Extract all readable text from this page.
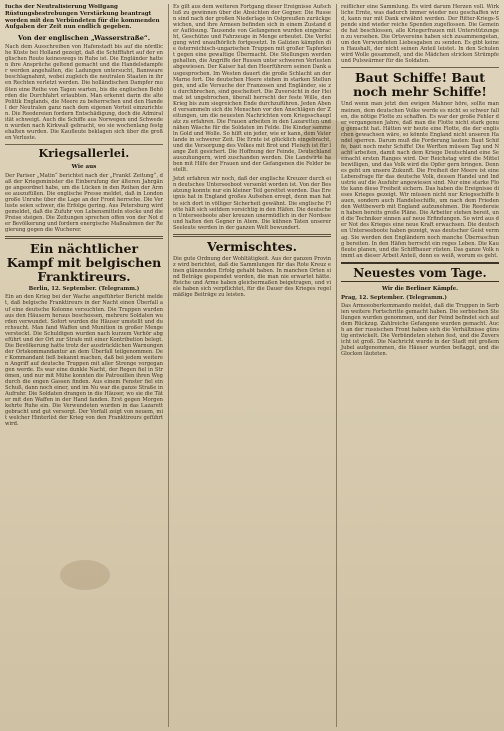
fuchs der Neutralisierung Wolfgang Rüstungsbestrebungen Verstärkung beantragt worden mit den Verbündeten für die kommenden Aufgaben der Zeit nun endlich gegeben.

Von der englischen „Wasserstraße“.

Nach dem Ausschreiben von Hafenstadt bis auf die nördliche Küste bei Holland gezeigt, daß die Schifffahrt auf der englischen Route keineswegs in Ruhe ist. Die Engländer hatten ihre Ansprüche geltend gemacht und die Handelsdampfer werden angehalten, die Ladungen untersucht, Bannware beschlagnahmt, wobei zugleich die neutralen Staaten in ihren Rechten verletzt werden. Die holländischen Dampfer mußten eine Reihe von Tagen warten, bis die englischen Behörden die Durchfahrt erlaubten. Man erkennt darin die alte Politik Englands, die Meere zu beherrschen und den Handel der Neutralen ganz nach dem eigenen Vorteil einzurichten. Die Reedereien fordern Entschädigung, doch die Admiralität schweigt. Auch die Schiffe aus Norwegen und Schweden wurden nach Kirkwall gebracht, wo sie wochenlang festgehalten wurden. Die Kaufleute beklagen sich über die großen Verluste.

Kriegsallerlei.
Wie aus

Der Pariser „Matin“ berichtet nach der „Frankf. Zeitung“, daß der Kriegsminister die Einberufung der älteren Jahrgänge angeordnet habe, um die Lücken in den Reihen der Armee auszufüllen. Die englische Presse meldet, daß in London große Unruhe über die Lage an der Front herrsche. Die Verluste seien schwer, die Erfolge gering. Aus Petersburg wird gemeldet, daß die Zufuhr von Lebensmitteln stocke und die Preise steigen. Die Zeitungen sprechen offen von der Not der Bevölkerung und fordern energische Maßnahmen der Regierung gegen die Wucherer.

Ein nächtlicher Kampf mit belgischen Franktireurs.
Berlin, 12. September. (Telegramm.)

Ein an den Krieg bei der Wache angeführter Bericht meldet, daß belgische Franktireurs in der Nacht einen Überfall auf eine deutsche Kolonne versuchten. Die Truppen wurden aus den Häusern heraus beschossen, mehrere Soldaten wurden verwundet. Sofort wurden die Häuser umstellt und durchsucht. Man fand Waffen und Munition in großer Menge versteckt. Die Schuldigen wurden nach kurzem Verhör abgeführt und der Ort zur Strafe mit einer Kontribution belegt. Die Bevölkerung hatte trotz der ausdrücklichen Warnungen der Ortskommandantur an dem Überfall teilgenommen. Der Kommandant ließ bekannt machen, daß bei jedem weiteren Angriff auf deutsche Truppen mit aller Strenge vorgegangen werde. Es war eine dunkle Nacht, der Regen fiel in Strömen, und nur mit Mühe konnten die Patrouillen ihren Weg durch die engen Gassen finden. Aus einem Fenster fiel ein Schuß, dann noch einer, und im Nu war die ganze Straße in Aufruhr. Die Soldaten drangen in die Häuser, wo sie die Täter mit den Waffen in der Hand fanden. Erst gegen Morgen kehrte Ruhe ein. Die Verwundeten wurden in das Lazarett gebracht und gut versorgt. Der Vorfall zeigt von neuem, mit welcher Hinterlist der Krieg von den Franktireurs geführt wird.

Es gilt aus dem weiteren Fortgang dieser Ereignisse Aufschluß zu gewinnen über die Absichten der Gegner. Die Russen sind nach der großen Niederlage in Ostpreußen zurückgewichen, und ihre Armeen befinden sich in einem Zustand der Auflösung. Tausende von Gefangenen wurden eingebracht, Geschütze und Fahrzeuge in Menge erbeutet. Die Verfolgung wird unaufhörlich fortgesetzt. In Galizien kämpfen die österreichisch-ungarischen Truppen mit großer Tapferkeit gegen eine gewaltige Übermacht. Die Stellungen werden gehalten, die Angriffe der Russen unter schweren Verlusten abgewiesen. Der Kaiser hat den Heerführern seinen Dank ausgesprochen. Im Westen dauert die große Schlacht an der Marne fort. Die deutschen Heere stehen in starken Stellungen, und alle Versuche der Franzosen und Engländer, sie zu durchbrechen, sind gescheitert. Die Zuversicht in der Heimat ist ungebrochen, überall herrscht der feste Wille, den Krieg bis zum siegreichen Ende durchzuführen. Jeden Abend versammeln sich die Menschen vor den Anschlägen der Zeitungen, um die neuesten Nachrichten vom Kriegsschauplatz zu erfahren. Die Frauen arbeiten in den Lazaretten und nähen Wäsche für die Soldaten im Felde. Die Kinder sammeln Gold und Wolle. So hilft ein jeder, wie er kann, dem Vaterlande in schwerer Zeit. Die Ernte ist glücklich eingebracht, und die Versorgung des Volkes mit Brot und Fleisch ist für lange Zeit gesichert. Die Hoffnung der Feinde, Deutschland auszuhungern, wird zuschanden werden. Die Landwirte haben mit Hilfe der Frauen und der Gefangenen die Felder bestellt.

Jetzt erfahren wir noch, daß der englische Kreuzer durch ein deutsches Unterseeboot versenkt worden ist. Von der Besatzung konnte nur ein kleiner Teil gerettet werden. Das Ereignis hat in England großes Aufsehen erregt, denn man hatte sich dort in völliger Sicherheit gewähnt. Die englische Flotte hält sich seitdem vorsichtig in den Häfen. Die deutschen Unterseeboote aber kreuzen unermüdlich in der Nordsee und halten den Gegner in Atem. Die kühnen Taten unserer Seeleute werden in der ganzen Welt bewundert.

Vermischtes.

Die gute Ordnung der Wohltätigkeit. Aus der ganzen Provinz wird berichtet, daß die Sammlungen für das Rote Kreuz einen glänzenden Erfolg gehabt haben. In manchen Orten sind Beträge gespendet worden, die man nie erwartet hätte. Reiche und Arme haben gleichermaßen beigetragen, und viele haben sich verpflichtet, für die Dauer des Krieges regelmäßige Beiträge zu leisten.

reiflicher eine Sammlung. Es wird darum Herzen voll. Wirkliche Ernte, was dadurch immer wieder neu geschaffen wird, kann nur mit Dank erwähnt werden. Der Ritter-Kriegs-Spende sind wieder reiche Spenden zugeflossen. Die Gemeinde hat beschlossen, alle Kriegerfrauen mit Unterstützungen zu versehen. Die Ortsvereine haben sich zusammengetan, um den Verwundeten Liebesgaben zu senden. Es gibt keinen Haushalt, der nicht seinen Anteil leistet. In den Schulen wird Wolle gesammelt, und die Mädchen stricken Strümpfe und Pulswärmer für die Soldaten.

Baut Schiffe! Baut noch mehr Schiffe!

Und wenn man jetzt den ewigen Mahner höre, sollte man meinen, dem deutschen Volke werde es nicht so schwer fallen, die nötige Flotte zu schaffen. Es war der große Fehler der vergangenen Jahre, daß man die Flotte nicht stark genug gemacht hat. Hätten wir heute eine Flotte, die der englischen gewachsen wäre, so könnte England nicht unseren Handel sperren. Darum muß die Forderung lauten: Baut Schiffe, baut noch mehr Schiffe! Die Werften müssen Tag und Nacht arbeiten, damit nach dem Kriege Deutschland eine Seemacht ersten Ranges wird. Der Reichstag wird die Mittel bewilligen, und das Volk wird die Opfer gern bringen. Denn es geht um unsere Zukunft. Die Freiheit der Meere ist eine Lebensfrage für das deutsche Volk, dessen Handel und Industrie auf die Ausfuhr angewiesen sind. Nur eine starke Flotte kann diese Freiheit sichern. Das haben die Ereignisse dieses Krieges gezeigt. Wir müssen nicht nur Kriegsschiffe bauen, sondern auch Handelsschiffe, um nach dem Frieden den Wettbewerb mit England aufzunehmen. Die Reedereien haben bereits große Pläne. Die Arbeiter stehen bereit, und die Techniker sinnen auf neue Erfindungen. So wird aus der Not des Krieges eine neue Kraft erwachsen. Die deutschen Unterseeboote haben gezeigt, was deutscher Geist vermag. Sie werden den Engländern noch manche Überraschung bereiten. In den Häfen herrscht ein reges Leben. Die Kaufleute planen, und die Schiffbauer rüsten. Das ganze Volk nimmt an dieser Arbeit Anteil, denn es weiß, worum es geht.

Neuestes vom Tage.
Wir die Berliner Kämpfe.
Prag, 12. September. (Telegramm.)

Das Armeeoberkommando meldet, daß die Truppen in Serbien weitere Fortschritte gemacht haben. Die serbischen Stellungen wurden genommen, und der Feind befindet sich auf dem Rückzug. Zahlreiche Gefangene wurden gemacht. Auch an der russischen Front haben sich die Verhältnisse günstig entwickelt. Die Verbündeten stehen fest, und die Zuversicht ist groß. Die Nachricht wurde in der Stadt mit großem Jubel aufgenommen, die Häuser wurden beflaggt, und die Glocken läuteten.
